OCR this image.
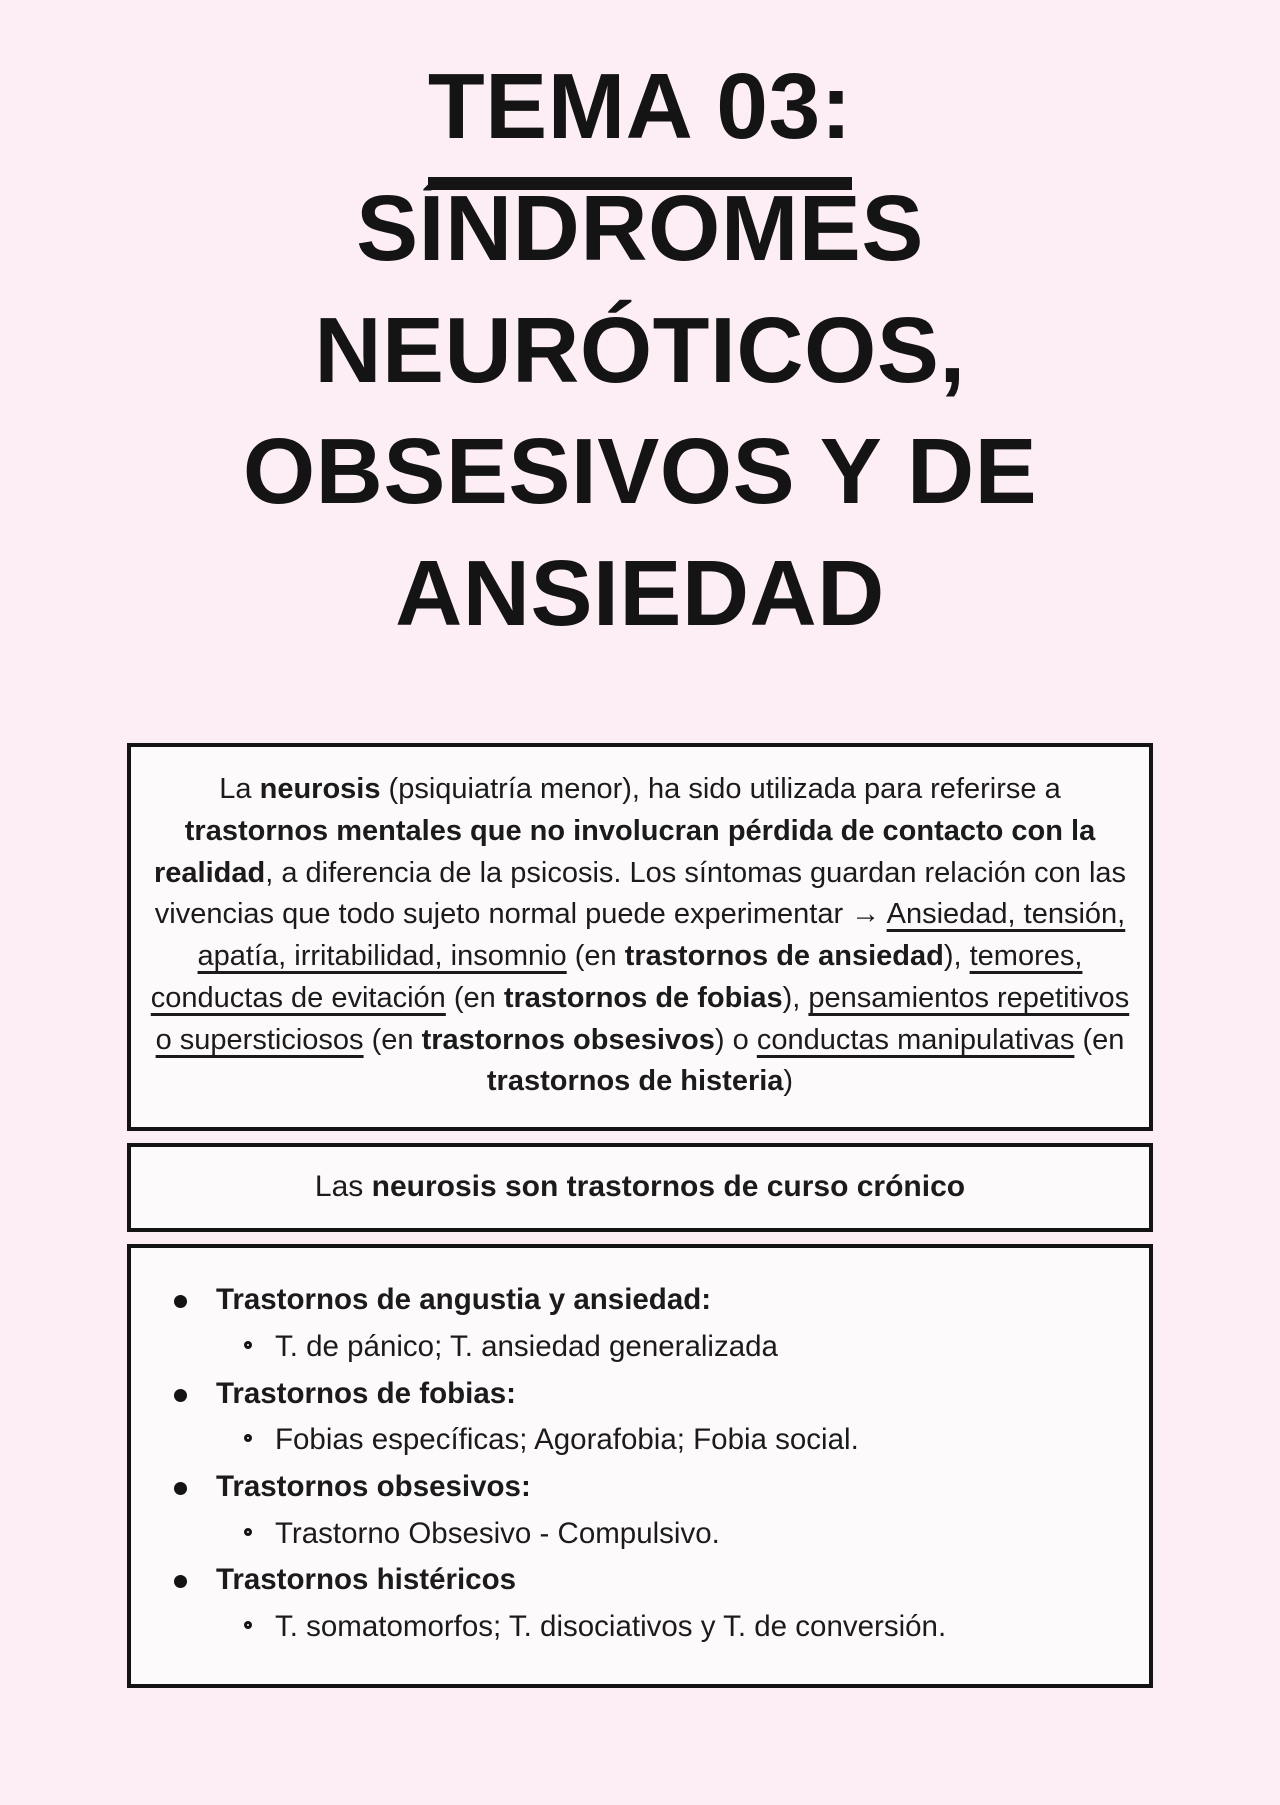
TEMA 03:
SÍNDROMES
NEURÓTICOS,
OBSESIVOS Y DE
ANSIEDAD

La neurosis (psiquiatría menor), ha sido utilizada para referirse a trastornos mentales que no involucran pérdida de contacto con la realidad, a diferencia de la psicosis. Los síntomas guardan relación con las vivencias que todo sujeto normal puede experimentar → Ansiedad, tensión, apatía, irritabilidad, insomnio (en trastornos de ansiedad), temores, conductas de evitación (en trastornos de fobias), pensamientos repetitivos o supersticiosos (en trastornos obsesivos) o conductas manipulativas (en trastornos de histeria)

Las neurosis son trastornos de curso crónico

Trastornos de angustia y ansiedad:
T. de pánico; T. ansiedad generalizada
Trastornos de fobias:
Fobias específicas; Agorafobia; Fobia social.
Trastornos obsesivos:
Trastorno Obsesivo - Compulsivo.
Trastornos histéricos
T. somatomorfos; T. disociativos y T. de conversión.
